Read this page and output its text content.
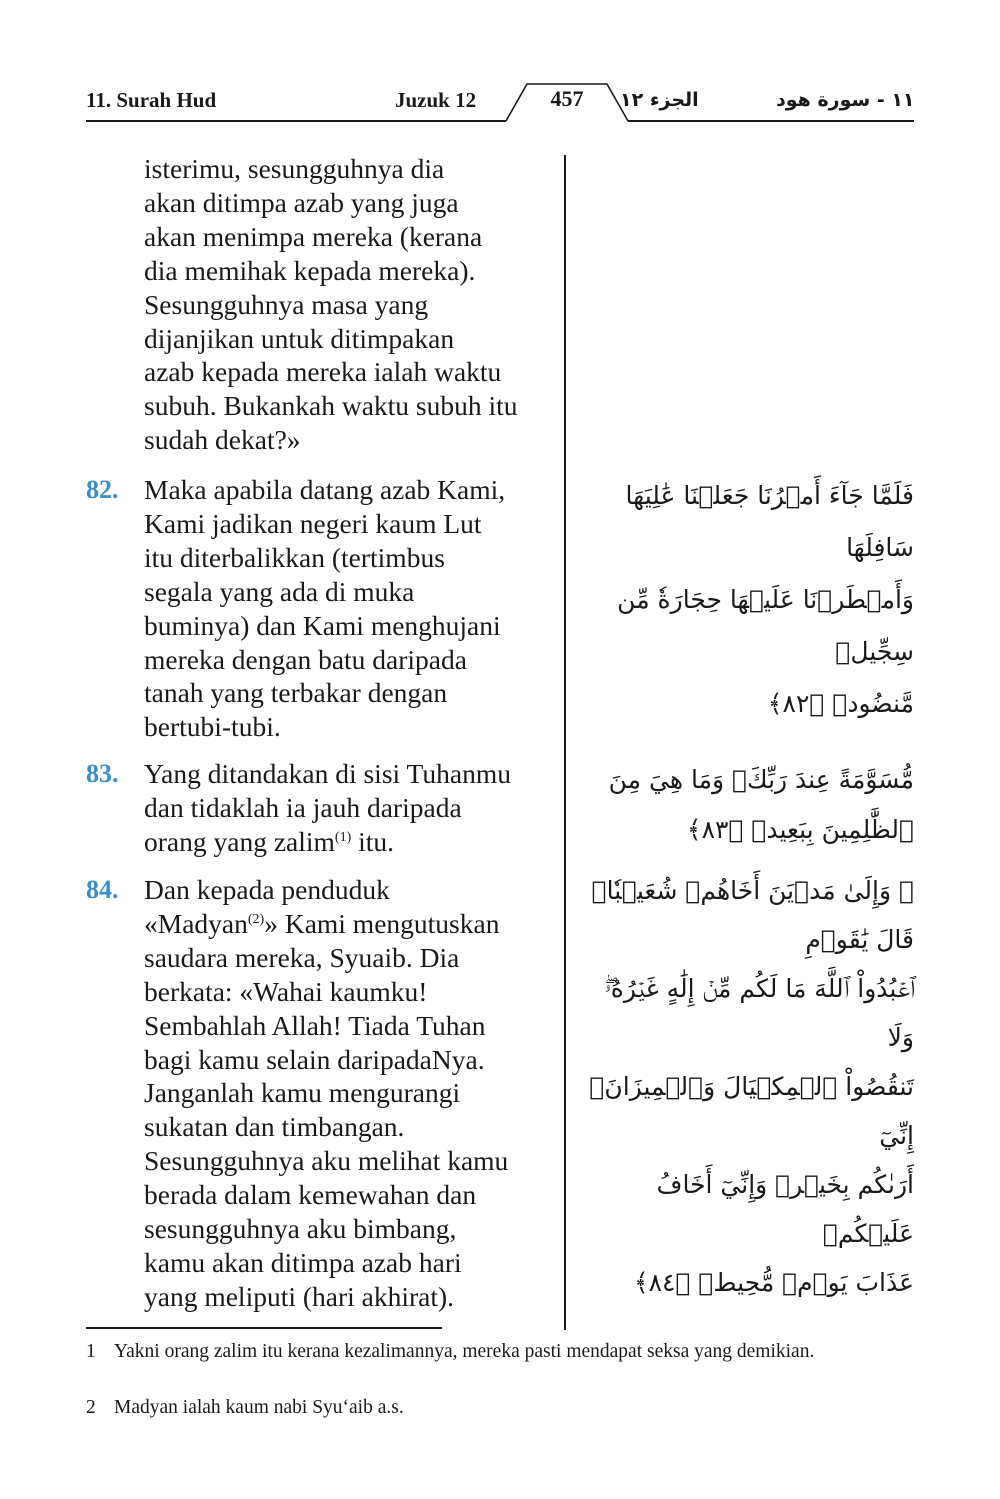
11. Surah Hud	Juzuk 12	457	الجزء ١٢	١١ - سورة هود
isterimu, sesungguhnya dia
akan ditimpa azab yang juga
akan menimpa mereka (kerana
dia memihak kepada mereka).
Sesungguhnya masa yang
dijanjikan untuk ditimpakan
azab kepada mereka ialah waktu
subuh. Bukankah waktu subuh itu
sudah dekat?»
82. Maka apabila datang azab Kami,
Kami jadikan negeri kaum Lut
itu diterbalikkan (tertimbus
segala yang ada di muka
buminya) dan Kami menghujani
mereka dengan batu daripada
tanah yang terbakar dengan
bertubi-tubi.
83. Yang ditandakan di sisi Tuhanmu
dan tidaklah ia jauh daripada
orang yang zalim$^{(1)}$ itu.
84. Dan kepada penduduk
«Madyan$^{(2)}$» Kami mengutuskan
saudara mereka, Syuaib. Dia
berkata: «Wahai kaumku!
Sembahlah Allah! Tiada Tuhan
bagi kamu selain daripadaNya.
Janganlah kamu mengurangi
sukatan dan timbangan.
Sesungguhnya aku melihat kamu
berada dalam kemewahan dan
sesungguhnya aku bimbang,
kamu akan ditimpa azab hari
yang meliputi (hari akhirat).
فَلَمَّا جَآءَ أَمۡرُنَا جَعَلۡنَا عَٰلِيَهَا سَافِلَهَا
وَأَمۡطَرۡنَا عَلَيۡهَا حِجَارَةٗ مِّن سِجِّيلٖ
مَّنضُودٖ ﴿٨٢﴾
مُّسَوَّمَةً عِندَ رَبِّكَۖ وَمَا هِيَ مِنَ
ٱلظَّٰلِمِينَ بِبَعِيدٖ ﴿٨٣﴾
۞ وَإِلَىٰ مَدۡيَنَ أَخَاهُمۡ شُعَيۡبٗاۚ قَالَ يَٰقَوۡمِ
ٱعۡبُدُواْ ٱللَّهَ مَا لَكُم مِّنۡ إِلَٰهٍ غَيۡرُهُۥۖ وَلَا
تَنقُصُواْ ٱلۡمِكۡيَالَ وَٱلۡمِيزَانَۖ إِنِّيٓ
أَرَىٰكُم بِخَيۡرٖ وَإِنِّيٓ أَخَافُ عَلَيۡكُمۡ
عَذَابَ يَوۡمٖ مُّحِيطٖ ﴿٨٤﴾
1 Yakni orang zalim itu kerana kezalimannya, mereka pasti mendapat seksa yang demikian.
2 Madyan ialah kaum nabi Syu‘aib a.s.
